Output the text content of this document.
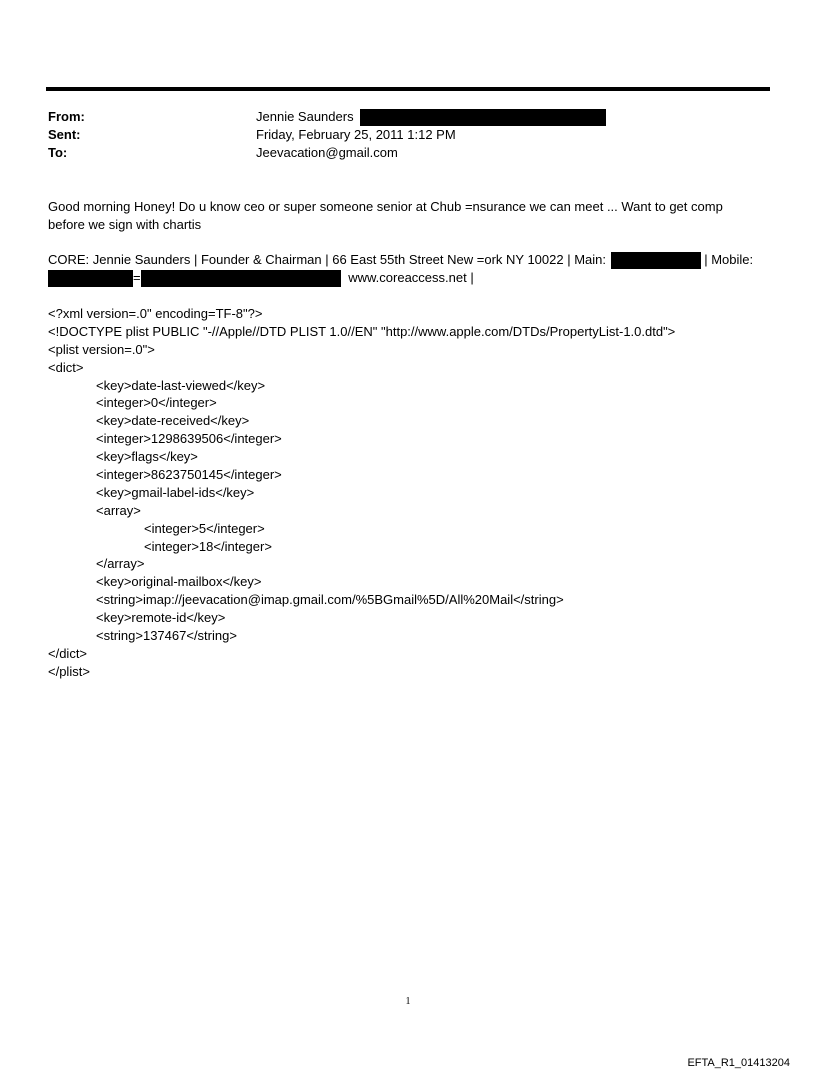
From:	Jennie Saunders
Sent:	Friday, February 25, 2011 1:12 PM
To:	Jeevacation@gmail.com
Good morning Honey! Do u know ceo or super someone senior at Chub =nsurance we can meet ... Want to get comp
before we sign with chartis
CORE: Jennie Saunders | Founder & Chairman | 66 East 55th Street New =ork NY 10022 | Main:	| Mobile:
=	www.coreaccess.net |
<?xml version=.0" encoding=TF-8"?>
<!DOCTYPE plist PUBLIC "-//Apple//DTD PLIST 1.0//EN" "http://www.apple.com/DTDs/PropertyList-1.0.dtd">
<plist version=.0">
<dict>
<key>date-last-viewed</key>
<integer>0</integer>
<key>date-received</key>
<integer>1298639506</integer>
<key>flags</key>
<integer>8623750145</integer>
<key>gmail-label-ids</key>
<array>
<integer>5</integer>
<integer>18</integer>
</array>
<key>original-mailbox</key>
<string>imap://jeevacation@imap.gmail.com/%5BGmail%5D/All%20Mail</string>
<key>remote-id</key>
<string>137467</string>
</dict>
</plist>
1
EFTA_R1_01413204
